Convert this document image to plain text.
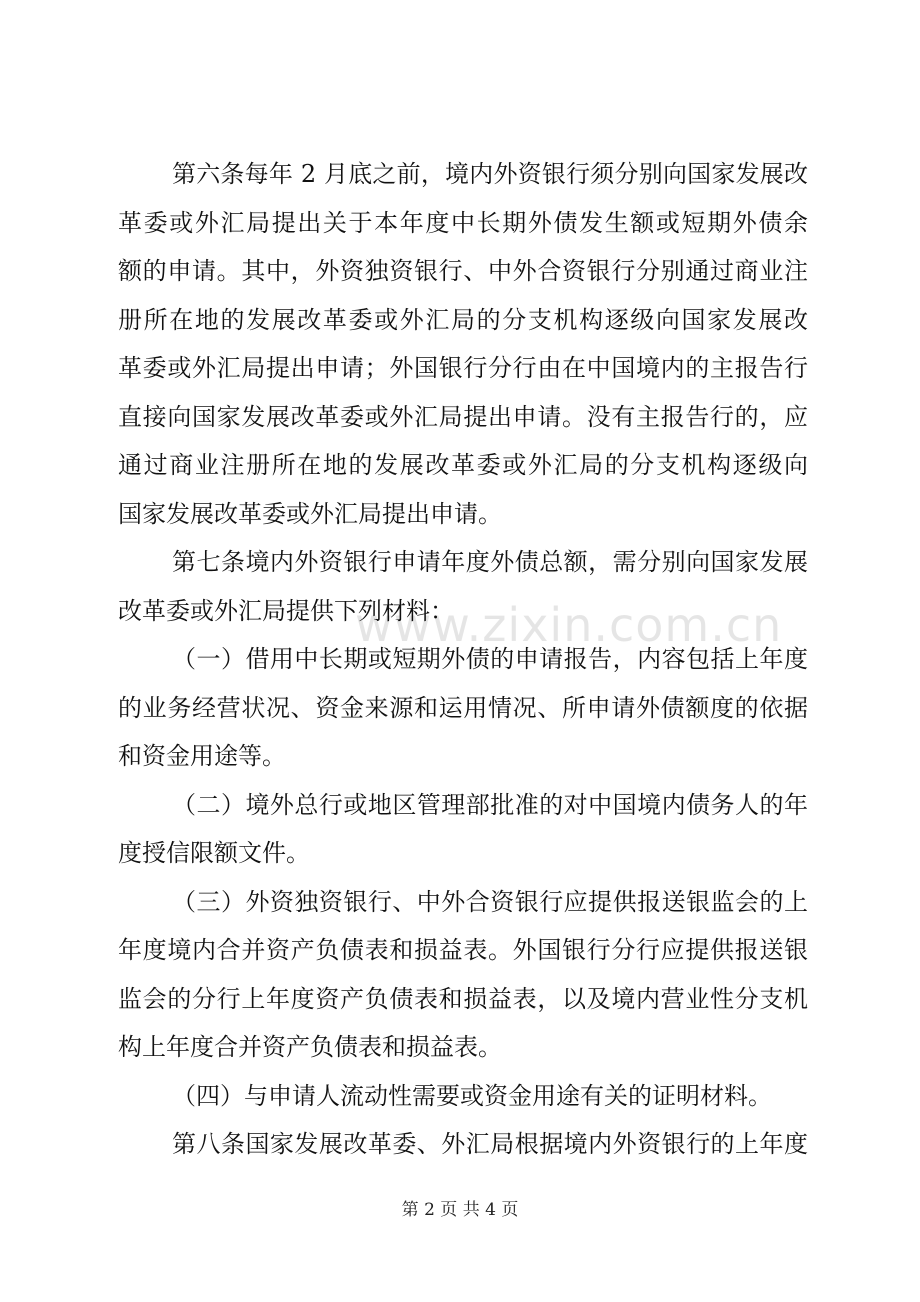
第六条每年 2 月底之前，境内外资银行须分别向国家发展改
革委或外汇局提出关于本年度中长期外债发生额或短期外债余
额的申请。其中，外资独资银行、中外合资银行分别通过商业注
册所在地的发展改革委或外汇局的分支机构逐级向国家发展改
革委或外汇局提出申请；外国银行分行由在中国境内的主报告行
直接向国家发展改革委或外汇局提出申请。没有主报告行的，应
通过商业注册所在地的发展改革委或外汇局的分支机构逐级向
国家发展改革委或外汇局提出申请。
第七条境内外资银行申请年度外债总额，需分别向国家发展
改革委或外汇局提供下列材料：
（一）借用中长期或短期外债的申请报告，内容包括上年度
的业务经营状况、资金来源和运用情况、所申请外债额度的依据
和资金用途等。
（二）境外总行或地区管理部批准的对中国境内债务人的年
度授信限额文件。
（三）外资独资银行、中外合资银行应提供报送银监会的上
年度境内合并资产负债表和损益表。外国银行分行应提供报送银
监会的分行上年度资产负债表和损益表，以及境内营业性分支机
构上年度合并资产负债表和损益表。
（四）与申请人流动性需要或资金用途有关的证明材料。
第八条国家发展改革委、外汇局根据境内外资银行的上年度
www.zixin.com.cn
第 2 页 共 4 页
